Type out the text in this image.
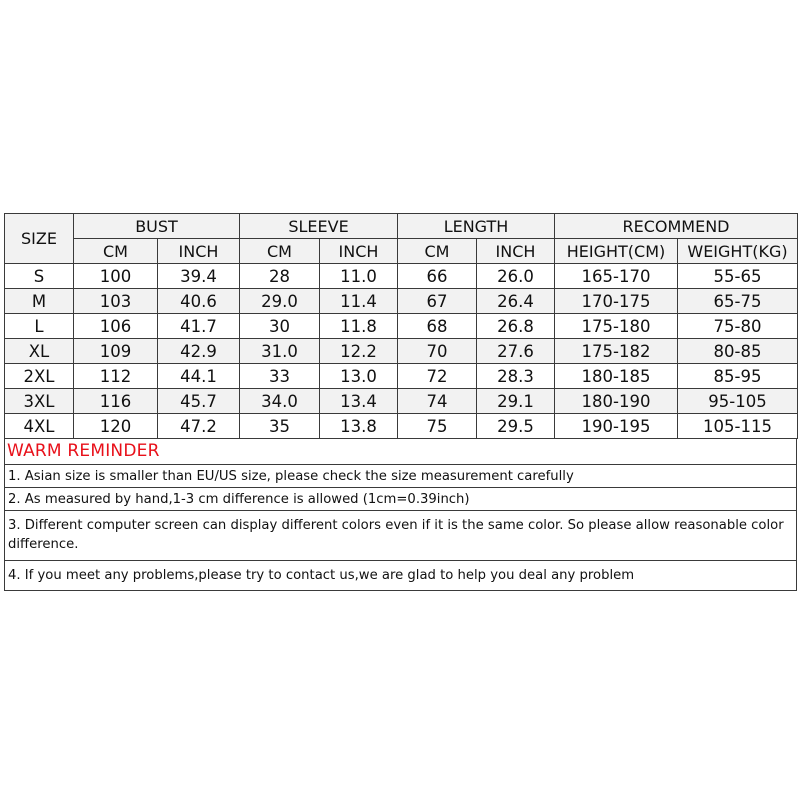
SIZE	BUST		SLEEVE		LENGTH		RECOMMEND	
	CM	INCH	CM	INCH	CM	INCH	HEIGHT(CM)	WEIGHT(KG)
S	100	39.4	28	11.0	66	26.0	165-170	55-65
M	103	40.6	29.0	11.4	67	26.4	170-175	65-75
L	106	41.7	30	11.8	68	26.8	175-180	75-80
XL	109	42.9	31.0	12.2	70	27.6	175-182	80-85
2XL	112	44.1	33	13.0	72	28.3	180-185	85-95
3XL	116	45.7	34.0	13.4	74	29.1	180-190	95-105
4XL	120	47.2	35	13.8	75	29.5	190-195	105-115
WARM REMINDER
1. Asian size is smaller than EU/US size, please check the size measurement carefully
2. As measured by hand,1-3 cm difference is allowed (1cm=0.39inch)
3. Different computer screen can display different colors even if it is the same color. So please allow reasonable color difference.
4. If you meet any problems,please try to contact us,we are glad to help you deal any problem
